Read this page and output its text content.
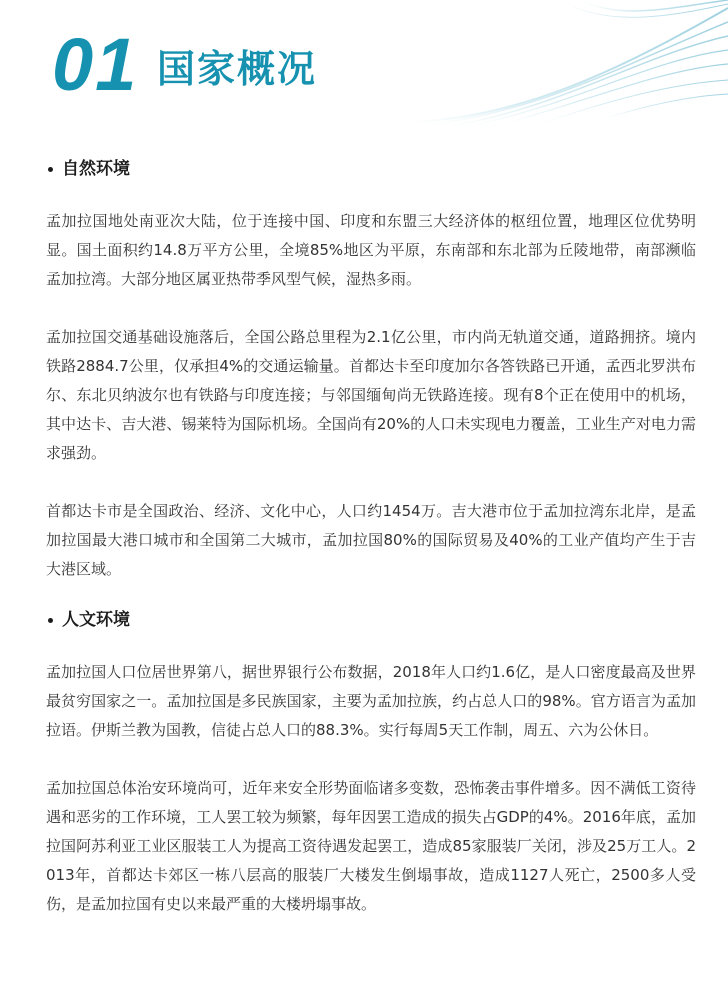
01 国家概况
自然环境

孟加拉国地处南亚次大陆，位于连接中国、印度和东盟三大经济体的枢纽位置，地理区位优势明显。国土面积约14.8万平方公里，全境85%地区为平原，东南部和东北部为丘陵地带，南部濒临孟加拉湾。大部分地区属亚热带季风型气候，湿热多雨。

孟加拉国交通基础设施落后，全国公路总里程为2.1亿公里，市内尚无轨道交通，道路拥挤。境内铁路2884.7公里，仅承担4%的交通运输量。首都达卡至印度加尔各答铁路已开通，孟西北罗洪布尔、东北贝纳波尔也有铁路与印度连接；与邻国缅甸尚无铁路连接。现有8个正在使用中的机场，其中达卡、吉大港、锡莱特为国际机场。全国尚有20%的人口未实现电力覆盖，工业生产对电力需求强劲。

首都达卡市是全国政治、经济、文化中心，人口约1454万。吉大港市位于孟加拉湾东北岸，是孟加拉国最大港口城市和全国第二大城市，孟加拉国80%的国际贸易及40%的工业产值均产生于吉大港区域。

人文环境

孟加拉国人口位居世界第八，据世界银行公布数据，2018年人口约1.6亿，是人口密度最高及世界最贫穷国家之一。孟加拉国是多民族国家，主要为孟加拉族，约占总人口的98%。官方语言为孟加拉语。伊斯兰教为国教，信徒占总人口的88.3%。实行每周5天工作制，周五、六为公休日。

孟加拉国总体治安环境尚可，近年来安全形势面临诸多变数，恐怖袭击事件增多。因不满低工资待遇和恶劣的工作环境，工人罢工较为频繁，每年因罢工造成的损失占GDP的4%。2016年底，孟加拉国阿苏利亚工业区服装工人为提高工资待遇发起罢工，造成85家服装厂关闭，涉及25万工人。2013年，首都达卡郊区一栋八层高的服装厂大楼发生倒塌事故，造成1127人死亡，2500多人受伤，是孟加拉国有史以来最严重的大楼坍塌事故。
